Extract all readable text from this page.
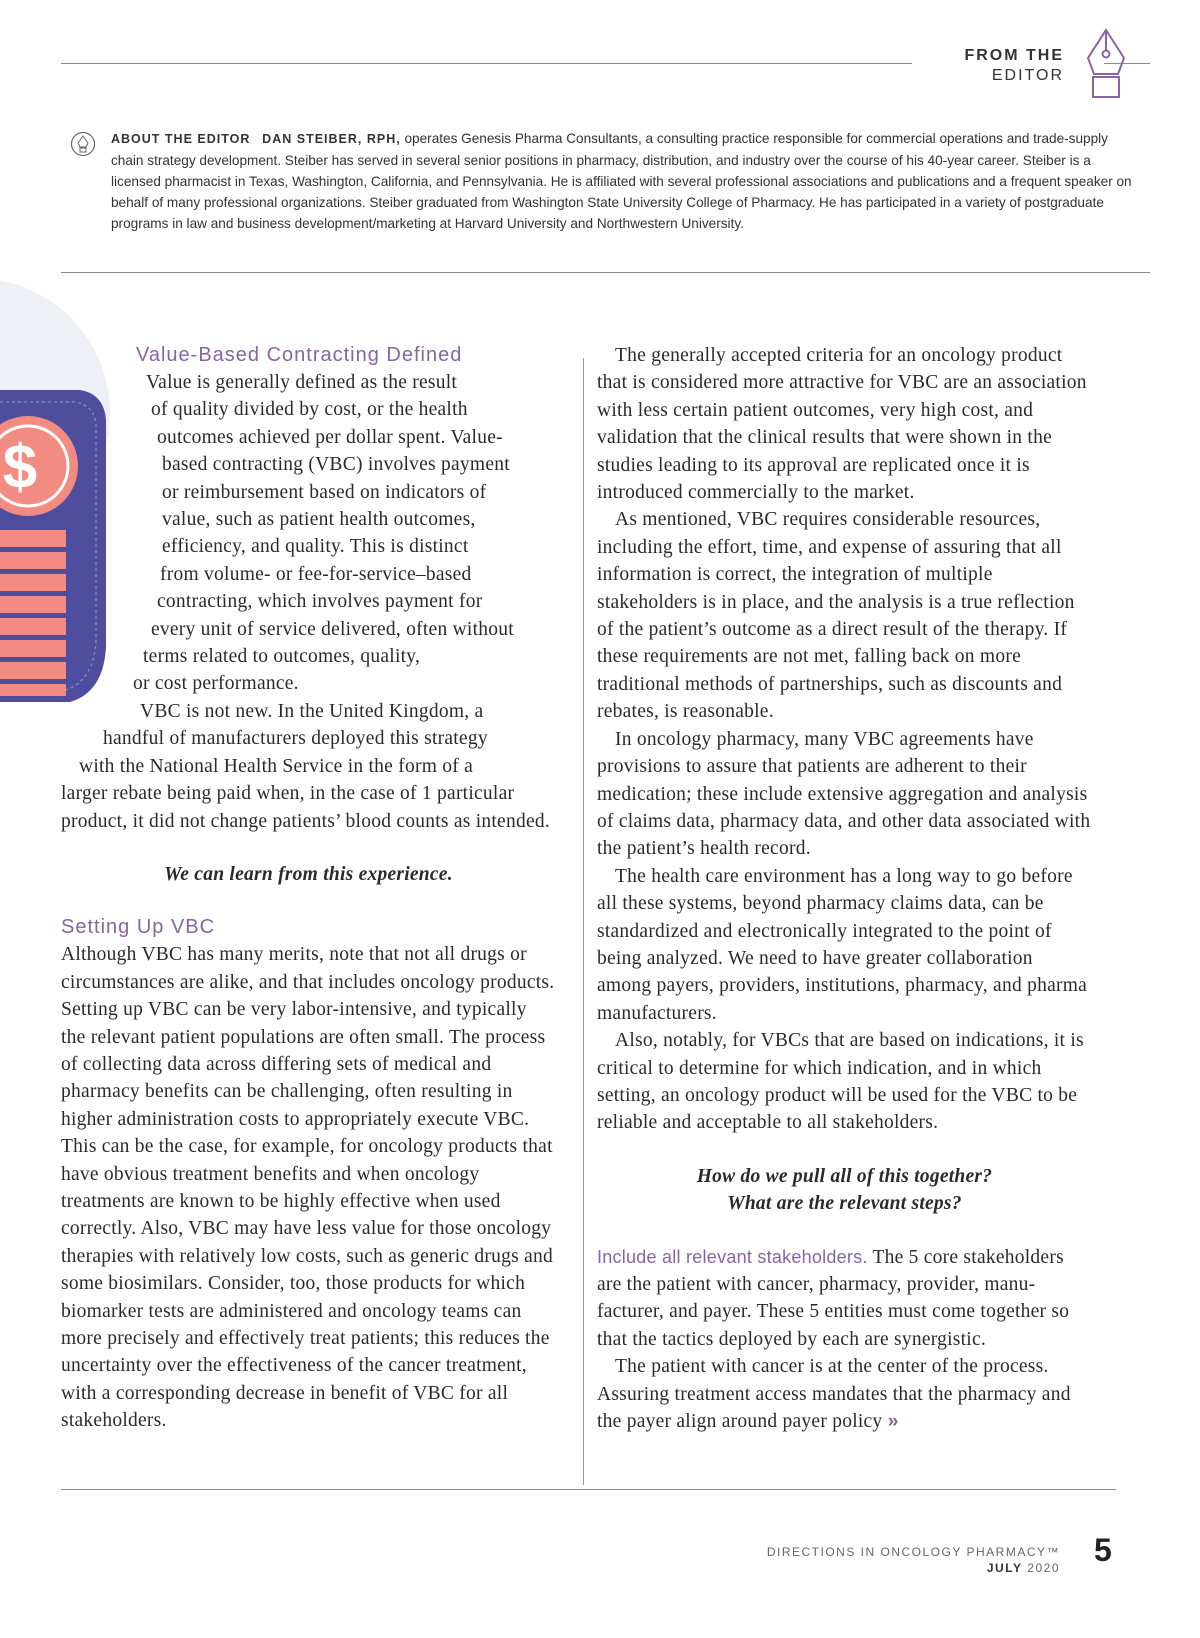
FROM THE
EDITOR
ABOUT THE EDITOR DAN STEIBER, RPH, operates Genesis Pharma Consultants, a consulting practice responsible for commercial operations and trade-supply chain strategy development. Steiber has served in several senior positions in pharmacy, distribution, and industry over the course of his 40-year career. Steiber is a licensed pharmacist in Texas, Washington, California, and Pennsylvania. He is affiliated with several professional associations and publications and a frequent speaker on behalf of many professional organizations. Steiber graduated from Washington State University College of Pharmacy. He has participated in a variety of postgraduate programs in law and business development/marketing at Harvard University and Northwestern University.
$
Value-Based Contracting Defined
Value is generally defined as the result
of quality divided by cost, or the health
outcomes achieved per dollar spent. Value-
based contracting (VBC) involves payment
or reimbursement based on indicators of
value, such as patient health outcomes,
efficiency, and quality. This is distinct
from volume- or fee-for-service–based
contracting, which involves payment for
every unit of service delivered, often without
terms related to outcomes, quality,
or cost performance.
VBC is not new. In the United Kingdom, a
handful of manufacturers deployed this strategy
with the National Health Service in the form of a

larger rebate being paid when, in the case of 1 particular product, it did not change patients’ blood counts as intended.

We can learn from this experience.

Setting Up VBC

Although VBC has many merits, note that not all drugs or circumstances are alike, and that includes oncology products. Setting up VBC can be very labor-intensive, and typically the relevant patient populations are often small. The process of collecting data across differing sets of medical and pharmacy benefits can be challenging, often resulting in higher administration costs to appropriately execute VBC. This can be the case, for example, for oncology products that have obvious treatment benefits and when oncology treatments are known to be highly effective when used correctly. Also, VBC may have less value for those oncology therapies with relatively low costs, such as generic drugs and some biosimilars. Consider, too, those products for which biomarker tests are administered and oncology teams can more precisely and effectively treat patients; this reduces the uncertainty over the effectiveness of the cancer treatment, with a corresponding decrease in benefit of VBC for all stakeholders.

The generally accepted criteria for an oncology product that is considered more attractive for VBC are an association with less certain patient outcomes, very high cost, and validation that the clinical results that were shown in the studies leading to its approval are replicated once it is introduced commercially to the market.

As mentioned, VBC requires considerable resources, including the effort, time, and expense of assuring that all information is correct, the integration of multiple stakeholders is in place, and the analysis is a true reflection of the patient’s outcome as a direct result of the therapy. If these requirements are not met, falling back on more traditional methods of partnerships, such as discounts and rebates, is reasonable.

In oncology pharmacy, many VBC agreements have provisions to assure that patients are adherent to their medication; these include extensive aggregation and analysis of claims data, pharmacy data, and other data associated with the patient’s health record.

The health care environment has a long way to go before all these systems, beyond pharmacy claims data, can be standardized and electronically integrated to the point of being analyzed. We need to have greater collaboration among payers, providers, institutions, pharmacy, and pharma manufacturers.

Also, notably, for VBCs that are based on indications, it is critical to determine for which indication, and in which setting, an oncology product will be used for the VBC to be reliable and acceptable to all stakeholders.

How do we pull all of this together?
What are the relevant steps?

Include all relevant stakeholders. The 5 core stakeholders are the patient with cancer, pharmacy, provider, manufacturer, and payer. These 5 entities must come together so that the tactics deployed by each are synergistic.

The patient with cancer is at the center of the process. Assuring treatment access mandates that the pharmacy and the payer align around payer policy »

DIRECTIONS IN ONCOLOGY PHARMACY™
JULY 2020 5
